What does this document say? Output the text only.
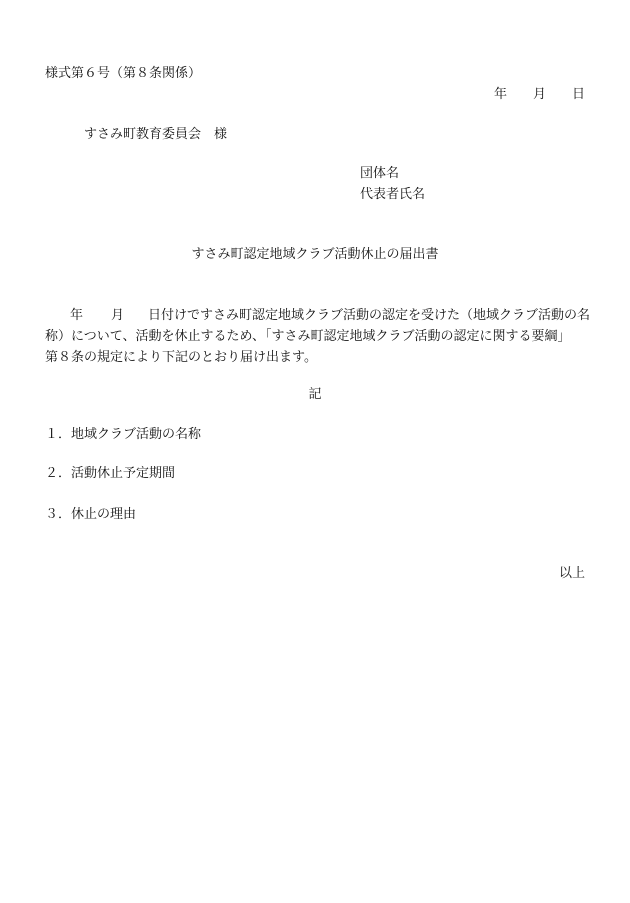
様式第６号（第８条関係）
年 月 日
すさみ町教育委員会　様
団体名
代表者氏名
すさみ町認定地域クラブ活動休止の届出書
年 月 日付けですさみ町認定地域クラブ活動の認定を受けた（地域クラブ活動の名
称）について、活動を休止するため、「すさみ町認定地域クラブ活動の認定に関する要綱」
第８条の規定により下記のとおり届け出ます。
記
１．地域クラブ活動の名称
２．活動休止予定期間
３．休止の理由
以上
